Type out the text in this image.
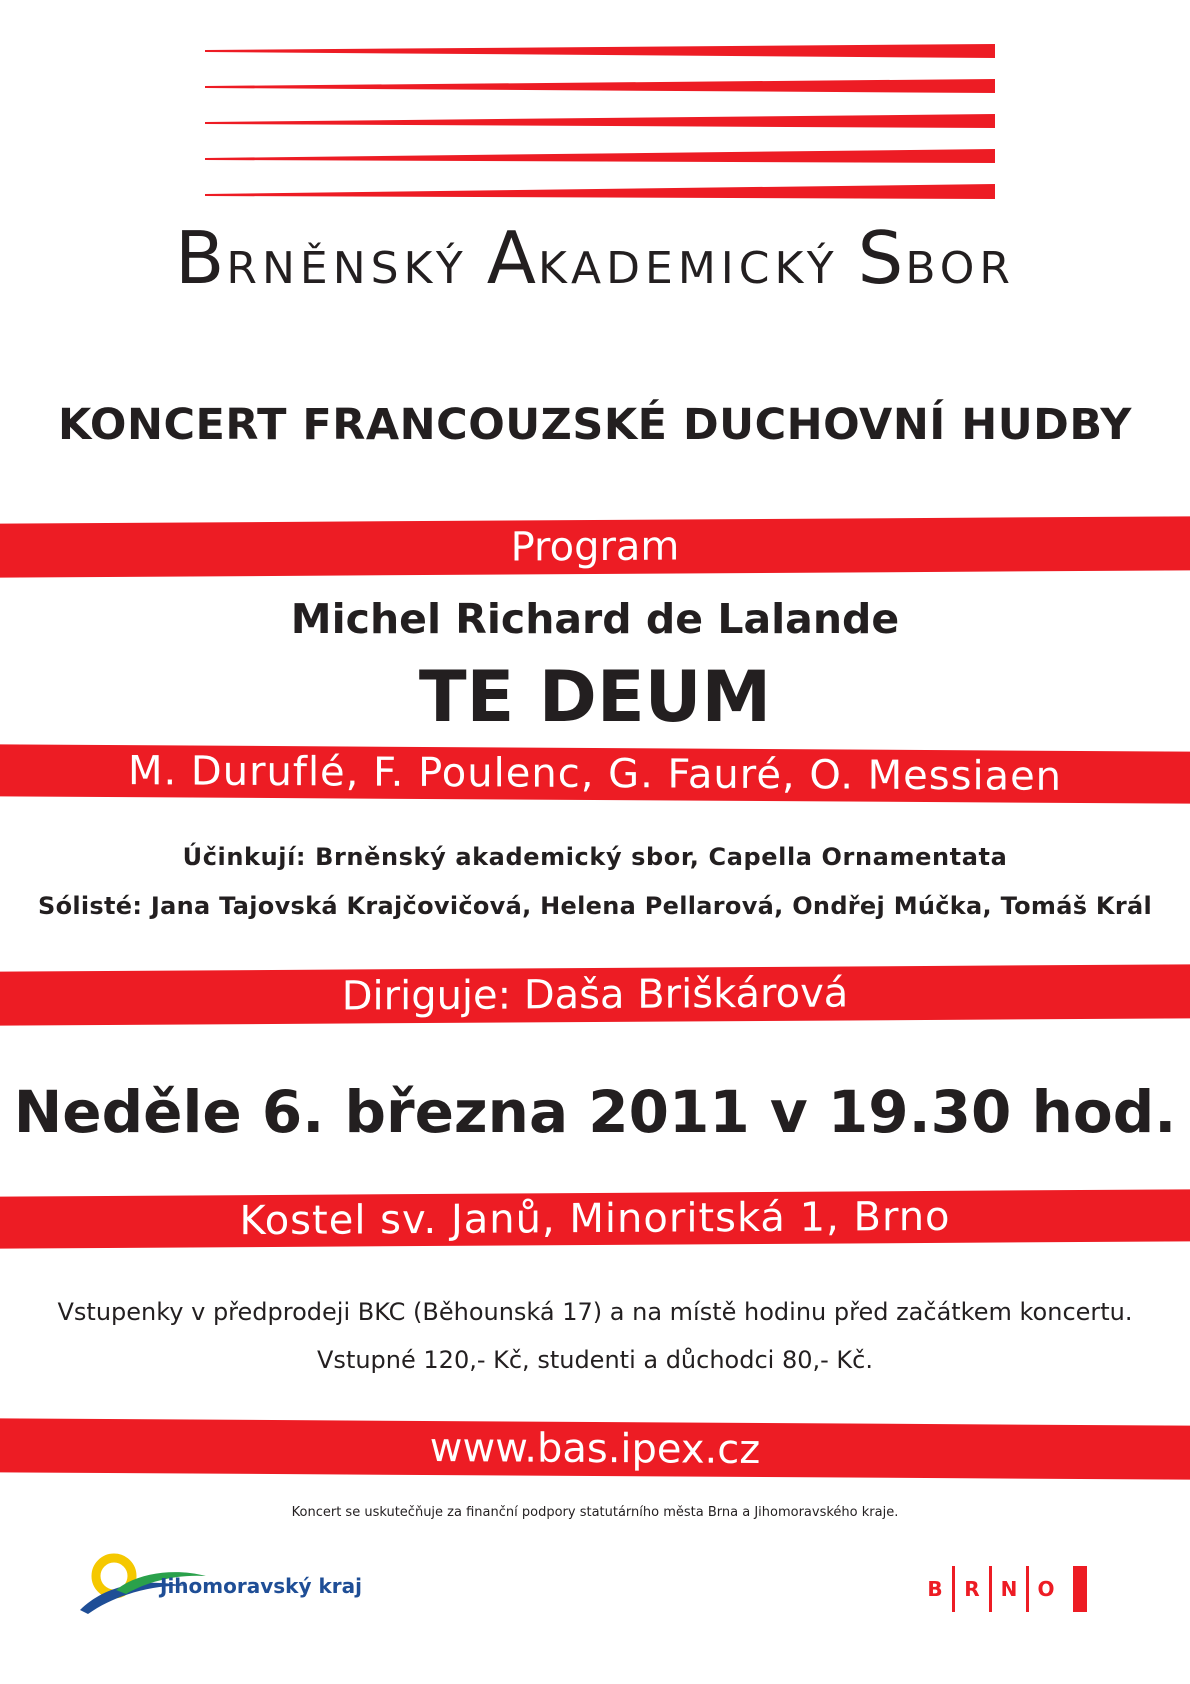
BRNĚNSKÝ AKADEMICKÝ SBOR
KONCERT FRANCOUZSKÉ DUCHOVNÍ HUDBY
Program
Michel Richard de Lalande
TE DEUM
M. Duruflé, F. Poulenc, G. Fauré, O. Messiaen
Účinkují: Brněnský akademický sbor, Capella Ornamentata
Sólisté: Jana Tajovská Krajčovičová, Helena Pellarová, Ondřej Múčka, Tomáš Král
Diriguje: Daša Briškárová
Neděle 6. března 2011 v 19.30 hod.
Kostel sv. Janů, Minoritská 1, Brno
Vstupenky v předprodeji BKC (Běhounská 17) a na místě hodinu před začátkem koncertu.
Vstupné 120,- Kč, studenti a důchodci 80,- Kč.
www.bas.ipex.cz
Koncert se uskutečňuje za finanční podpory statutárního města Brna a Jihomoravského kraje.
Jihomoravský kraj	B	R	N	O
